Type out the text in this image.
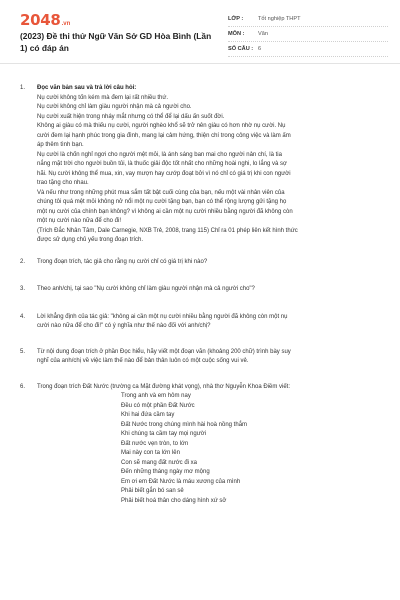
2048 .vn
(2023) Đề thi thử Ngữ Văn Sở GD Hòa Bình (Lần 1) có đáp án
LỚP :	Tốt nghiệp THPT
MÔN :	Văn
SỐ CÂU : 6
1.	Đọc văn bản sau và trả lời câu hỏi:
Nụ cười không tốn kém mà đem lại rất nhiều thứ.
Nụ cười không chỉ làm giàu người nhận mà cả người cho.
Nụ cười xuất hiện trong nháy mắt nhưng có thể để lại dấu ấn suốt đời.
Không ai giàu có mà thiếu nụ cười, người nghèo khổ sẽ trở nên giàu có hơn nhờ nụ cười. Nụ
cười đem lại hạnh phúc trong gia đình, mang lại cảm hứng, thiện chí trong công việc và làm ấm
áp thêm tình bạn.
Nụ cười là chốn nghỉ ngơi cho người mệt mỏi, là ánh sáng ban mai cho người nản chí, là tia
nắng mặt trời cho người buồn tủi, là thuốc giải độc tốt nhất cho những hoài nghi, lo lắng và sợ
hãi. Nụ cười không thể mua, xin, vay mượn hay cướp đoạt bởi vì nó chỉ có giá trị khi con người
trao tặng cho nhau.
Và nếu như trong những phút mua sắm tất bật cuối cùng của bạn, nếu một vài nhân viên của
chúng tôi quá mệt mỏi không nở nổi một nụ cười tặng bạn, bạn có thể rộng lượng gửi tặng họ
một nụ cười của chính bạn không? vì không ai cần một nụ cười nhiều bằng người đã không còn
một nụ cười nào nữa để cho đi!
(Trích Đắc Nhân Tâm, Dale Carnegie, NXB Trẻ, 2008, trang 115) Chỉ ra 01 phép liên kết hình thức
được sử dụng chủ yếu trong đoạn trích.
2.	Trong đoạn trích, tác giả cho rằng nụ cười chỉ có giá trị khi nào?
3.	Theo anh/chị, tại sao "Nụ cười không chỉ làm giàu người nhận mà cả người cho"?
4.	Lời khẳng định của tác giả: "không ai cần một nụ cười nhiều bằng người đã không còn một nụ
cười nào nữa để cho đi!" có ý nghĩa như thế nào đối với anh/chị?
5.	Từ nội dung đoạn trích ở phần Đọc hiểu, hãy viết một đoạn văn (khoảng 200 chữ) trình bày suy
nghĩ của anh/chị về việc làm thế nào để bản thân luôn có một cuộc sống vui vẻ.
6.	Trong đoạn trích Đất Nước (trường ca Mặt đường khát vọng), nhà thơ Nguyễn Khoa Điềm viết:
Trong anh và em hôm nay
Đều có một phần Đất Nước
Khi hai đứa cầm tay
Đất Nước trong chúng mình hài hoà nồng thắm
Khi chúng ta cầm tay mọi người
Đất nước vẹn tròn, to lớn
Mai này con ta lớn lên
Con sẽ mang đất nước đi xa
Đến những tháng ngày mơ mộng
Em ơi em Đất Nước là máu xương của mình
Phải biết gắn bó san sẻ
Phải biết hoá thân cho dáng hình xứ sở
